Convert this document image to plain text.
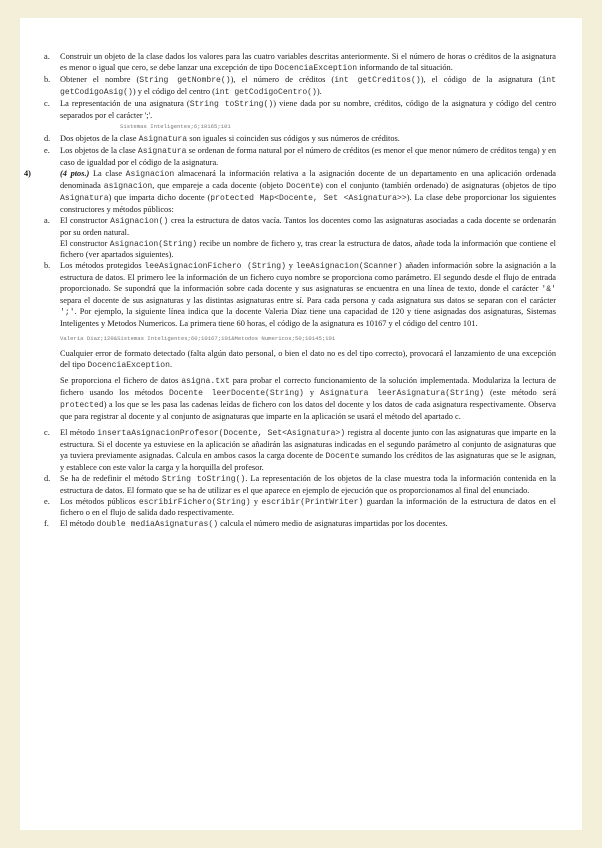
a. Construir un objeto de la clase dados los valores para las cuatro variables descritas anteriormente. Si el número de horas o créditos de la asignatura es menor o igual que cero, se debe lanzar una excepción de tipo DocenciaException informando de tal situación.

b. Obtener el nombre (String getNombre()), el número de créditos (int getCreditos()), el código de la asignatura (int getCodigoAsig()) y el código del centro (int getCodigoCentro()).

c. La representación de una asignatura (String toString()) viene dada por su nombre, créditos, código de la asignatura y código del centro separados por el carácter ';'.
Sistemas Inteligentes;6;10165;101

d. Dos objetos de la clase Asignatura son iguales si coinciden sus códigos y sus números de créditos.

e. Los objetos de la clase Asignatura se ordenan de forma natural por el número de créditos (es menor el que menor número de créditos tenga) y en caso de igualdad por el código de la asignatura.

4)	(4 ptos.) La clase Asignacion almacenará la información relativa a la asignación docente de un departamento en una aplicación ordenada denominada asignacion, que empareje a cada docente (objeto Docente) con el conjunto (también ordenado) de asignaturas (objetos de tipo Asignatura) que imparta dicho docente (protected Map<Docente, Set <Asignatura>>). La clase debe proporcionar los siguientes constructores y métodos públicos:

a. El constructor Asignacion() crea la estructura de datos vacía. Tantos los docentes como las asignaturas asociadas a cada docente se ordenarán por su orden natural.
El constructor Asignacion(String) recibe un nombre de fichero y, tras crear la estructura de datos, añade toda la información que contiene el fichero (ver apartados siguientes).
b. Los métodos protegidos leeAsignacionFichero (String) y leeAsignacion(Scanner) añaden información sobre la asignación a la estructura de datos. El primero lee la información de un fichero cuyo nombre se proporciona como parámetro. El segundo desde el flujo de entrada proporcionado. Se supondrá que la información sobre cada docente y sus asignaturas se encuentra en una línea de texto, donde el carácter '&' separa el docente de sus asignaturas y las distintas asignaturas entre sí. Para cada persona y cada asignatura sus datos se separan con el carácter ';'. Por ejemplo, la siguiente línea indica que la docente Valeria Díaz tiene una capacidad de 120 y tiene asignadas dos asignaturas, Sistemas Inteligentes y Metodos Numericos. La primera tiene 60 horas, el código de la asignatura es 10167 y el código del centro 101.
Valeria Diaz;120&Sistemas Inteligentes;60;10167;101&Metodos Numericos;50;10145;101
Cualquier error de formato detectado (falta algún dato personal, o bien el dato no es del tipo correcto), provocará el lanzamiento de una excepción del tipo DocenciaException.
Se proporciona el fichero de datos asigna.txt para probar el correcto funcionamiento de la solución implementada. Modularizа la lectura de fichero usando los métodos Docente leerDocente(String) y Asignatura leerAsignatura(String) (este método será protected) a los que se les pasa las cadenas leídas de fichero con los datos del docente y los datos de cada asignatura respectivamente. Observa que para registrar al docente y al conjunto de asignaturas que imparte en la aplicación se usará el método del apartado c.

c. El método insertaAsignacionProfesor(Docente, Set<Asignatura>) registra al docente junto con las asignaturas que imparte en la estructura. Si el docente ya estuviese en la aplicación se añadirán las asignaturas indicadas en el segundo parámetro al conjunto de asignaturas que ya tuviera previamente asignadas. Calcula en ambos casos la carga docente de Docente sumando los créditos de las asignaturas que se le asignan, y establece con este valor la carga y la horquilla del profesor.

d. Se ha de redefinir el método String toString(). La representación de los objetos de la clase muestra toda la información contenida en la estructura de datos. El formato que se ha de utilizar es el que aparece en ejemplo de ejecución que os proporcionamos al final del enunciado.

e. Los métodos públicos escribirFichero(String) y escribir(PrintWriter) guardan la información de la estructura de datos en el fichero o en el flujo de salida dado respectivamente.

f. El método double mediaAsignaturas() calcula el número medio de asignaturas impartidas por los docentes.
